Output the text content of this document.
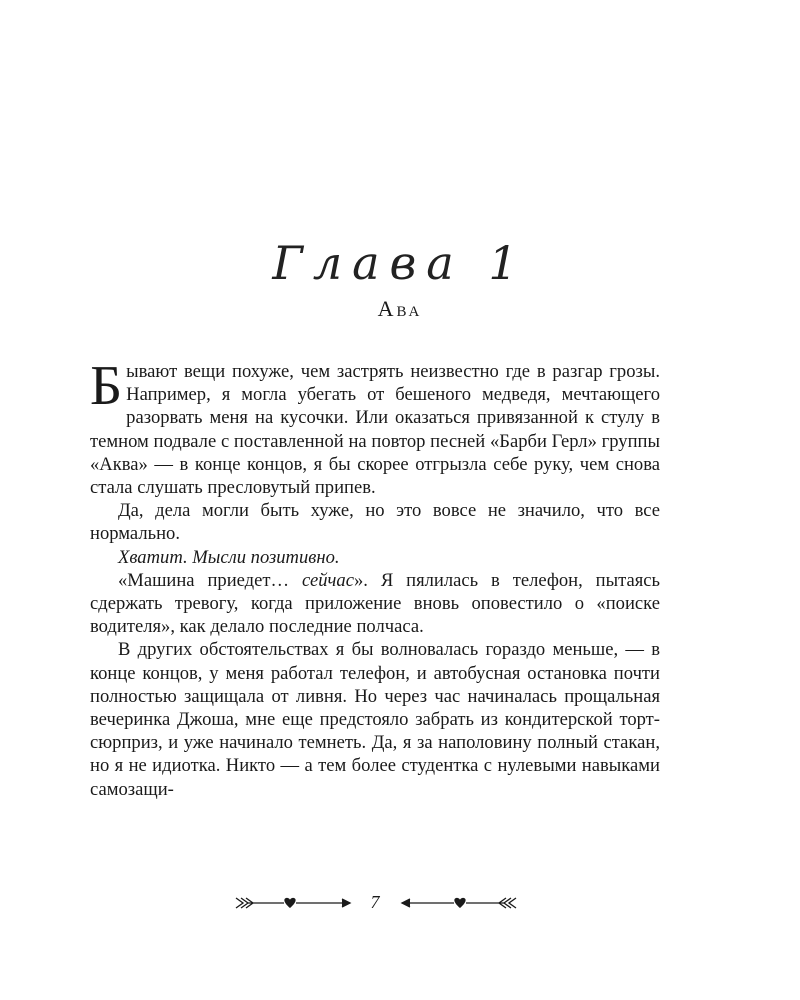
Глава 1
Ава

Бывают вещи похуже, чем застрять неизвестно где в разгар грозы. Например, я могла убегать от бешеного медведя, мечтающего разорвать меня на кусочки. Или оказаться привязанной к стулу в темном подвале с поставленной на повтор песней «Барби Герл» группы «Аква» — в конце концов, я бы скорее отгрызла себе руку, чем снова стала слушать пресловутый припев.

Да, дела могли быть хуже, но это вовсе не значило, что все нормально.

Хватит. Мысли позитивно.

«Машина приедет… сейчас». Я пялилась в телефон, пытаясь сдержать тревогу, когда приложение вновь оповестило о «поиске водителя», как делало последние полчаса.

В других обстоятельствах я бы волновалась гораздо меньше, — в конце концов, у меня работал телефон, и автобусная остановка почти полностью защищала от ливня. Но через час начиналась прощальная вечеринка Джоша, мне еще предстояло забрать из кондитерской торт-сюрприз, и уже начинало темнеть. Да, я за наполовину полный стакан, но я не идиотка. Никто — а тем более студентка с нулевыми навыками самозащи-

7
